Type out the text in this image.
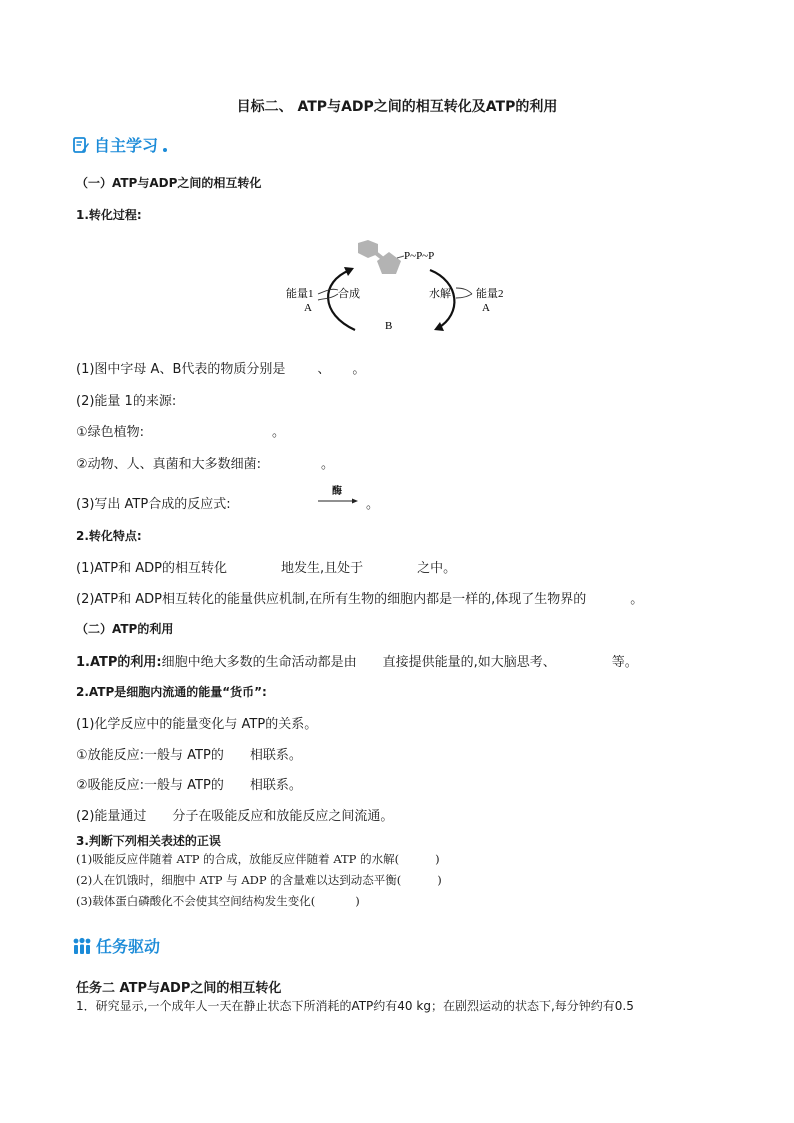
目标二、 ATP与ADP之间的相互转化及ATP的利用
自主学习
（一）ATP与ADP之间的相互转化
1.转化过程:
P~P~P
能量1
A
合成	水解 能量2
A
B
(1)图中字母 A、B代表的物质分别是 、 。
(2)能量 1的来源:
①绿色植物:	。
②动物、人、真菌和大多数细菌:	。
(3)写出 ATP合成的反应式:
酶
→ 。
2.转化特点:
(1)ATP和 ADP的相互转化	地发生,且处于	之中。
(2)ATP和 ADP相互转化的能量供应机制,在所有生物的细胞内都是一样的,体现了生物界的	。
（二）ATP的利用
1.ATP的利用:细胞中绝大多数的生命活动都是由 直接提供能量的,如大脑思考、	等。
2.ATP是细胞内流通的能量“货币”:
(1)化学反应中的能量变化与 ATP的关系。
①放能反应:一般与 ATP的 相联系。
②吸能反应:一般与 ATP的 相联系。
(2)能量通过 分子在吸能反应和放能反应之间流通。
3.判断下列相关表述的正误
(1)吸能反应伴随着 ATP 的合成，放能反应伴随着 ATP 的水解(	)
(2)人在饥饿时，细胞中 ATP 与 ADP 的含量难以达到动态平衡(	)
(3)载体蛋白磷酸化不会使其空间结构发生变化(	)
任务驱动
任务二 ATP与ADP之间的相互转化
1．研究显示,一个成年人一天在静止状态下所消耗的ATP约有40 kg；在剧烈运动的状态下,每分钟约有0.5
